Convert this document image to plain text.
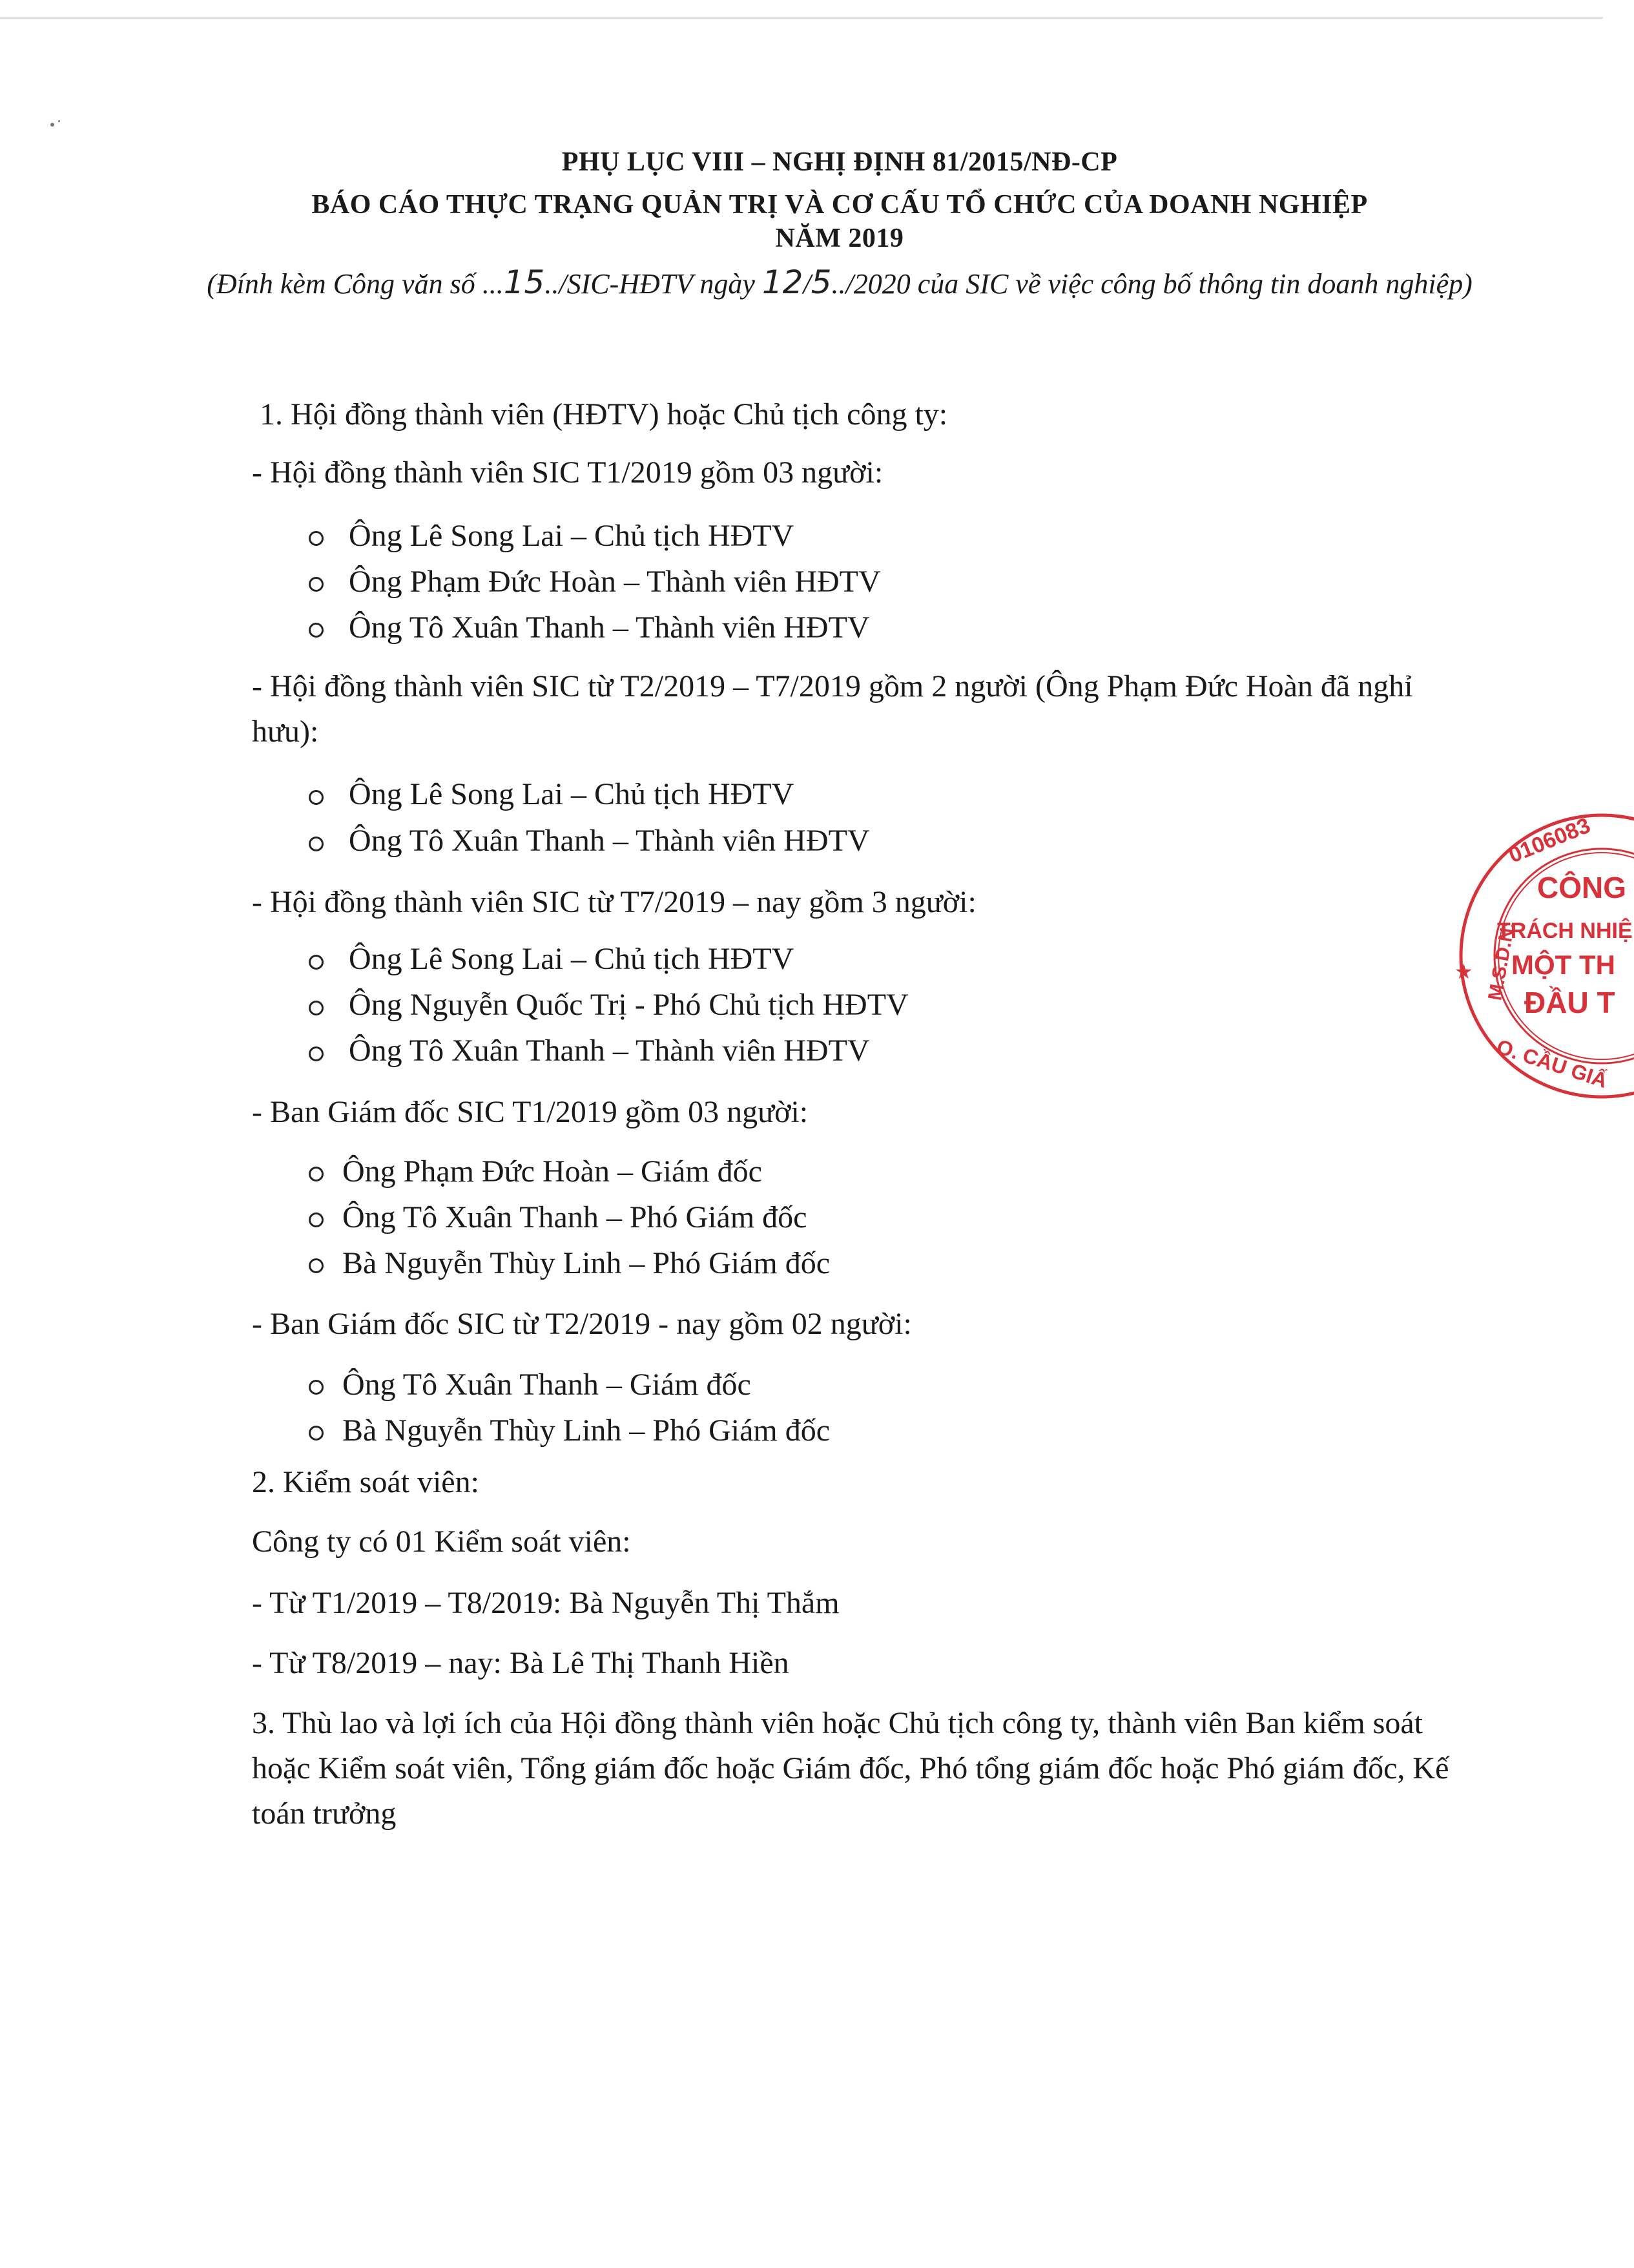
PHỤ LỤC VIII – NGHỊ ĐỊNH 81/2015/NĐ-CP
BÁO CÁO THỰC TRẠNG QUẢN TRỊ VÀ CƠ CẤU TỔ CHỨC CỦA DOANH NGHIỆP
NĂM 2019
(Đính kèm Công văn số ...15../SIC-HĐTV ngày 12/5../2020 của SIC về việc công bố thông tin doanh nghiệp)
1. Hội đồng thành viên (HĐTV) hoặc Chủ tịch công ty:
- Hội đồng thành viên SIC T1/2019 gồm 03 người:
Ông Lê Song Lai – Chủ tịch HĐTV
Ông Phạm Đức Hoàn – Thành viên HĐTV
Ông Tô Xuân Thanh – Thành viên HĐTV
- Hội đồng thành viên SIC từ T2/2019 – T7/2019 gồm 2 người (Ông Phạm Đức Hoàn đã nghỉ hưu):
Ông Lê Song Lai – Chủ tịch HĐTV
Ông Tô Xuân Thanh – Thành viên HĐTV
- Hội đồng thành viên SIC từ T7/2019 – nay gồm 3 người:
Ông Lê Song Lai – Chủ tịch HĐTV
Ông Nguyễn Quốc Trị - Phó Chủ tịch HĐTV
Ông Tô Xuân Thanh – Thành viên HĐTV
- Ban Giám đốc SIC T1/2019 gồm 03 người:
Ông Phạm Đức Hoàn – Giám đốc
Ông Tô Xuân Thanh – Phó Giám đốc
Bà Nguyễn Thùy Linh – Phó Giám đốc
- Ban Giám đốc SIC từ T2/2019 - nay gồm 02 người:
Ông Tô Xuân Thanh – Giám đốc
Bà Nguyễn Thùy Linh – Phó Giám đốc
2. Kiểm soát viên:
Công ty có 01 Kiểm soát viên:
- Từ T1/2019 – T8/2019: Bà Nguyễn Thị Thắm
- Từ T8/2019 – nay: Bà Lê Thị Thanh Hiền
3. Thù lao và lợi ích của Hội đồng thành viên hoặc Chủ tịch công ty, thành viên Ban kiểm soát hoặc Kiểm soát viên, Tổng giám đốc hoặc Giám đốc, Phó tổng giám đốc hoặc Phó giám đốc, Kế toán trưởng
0106083
CÔNG
TRÁCH NHIỆ
MỘT TH
ĐẦU T
M.S.D.N:
Q. CẦU GIẤ
★
